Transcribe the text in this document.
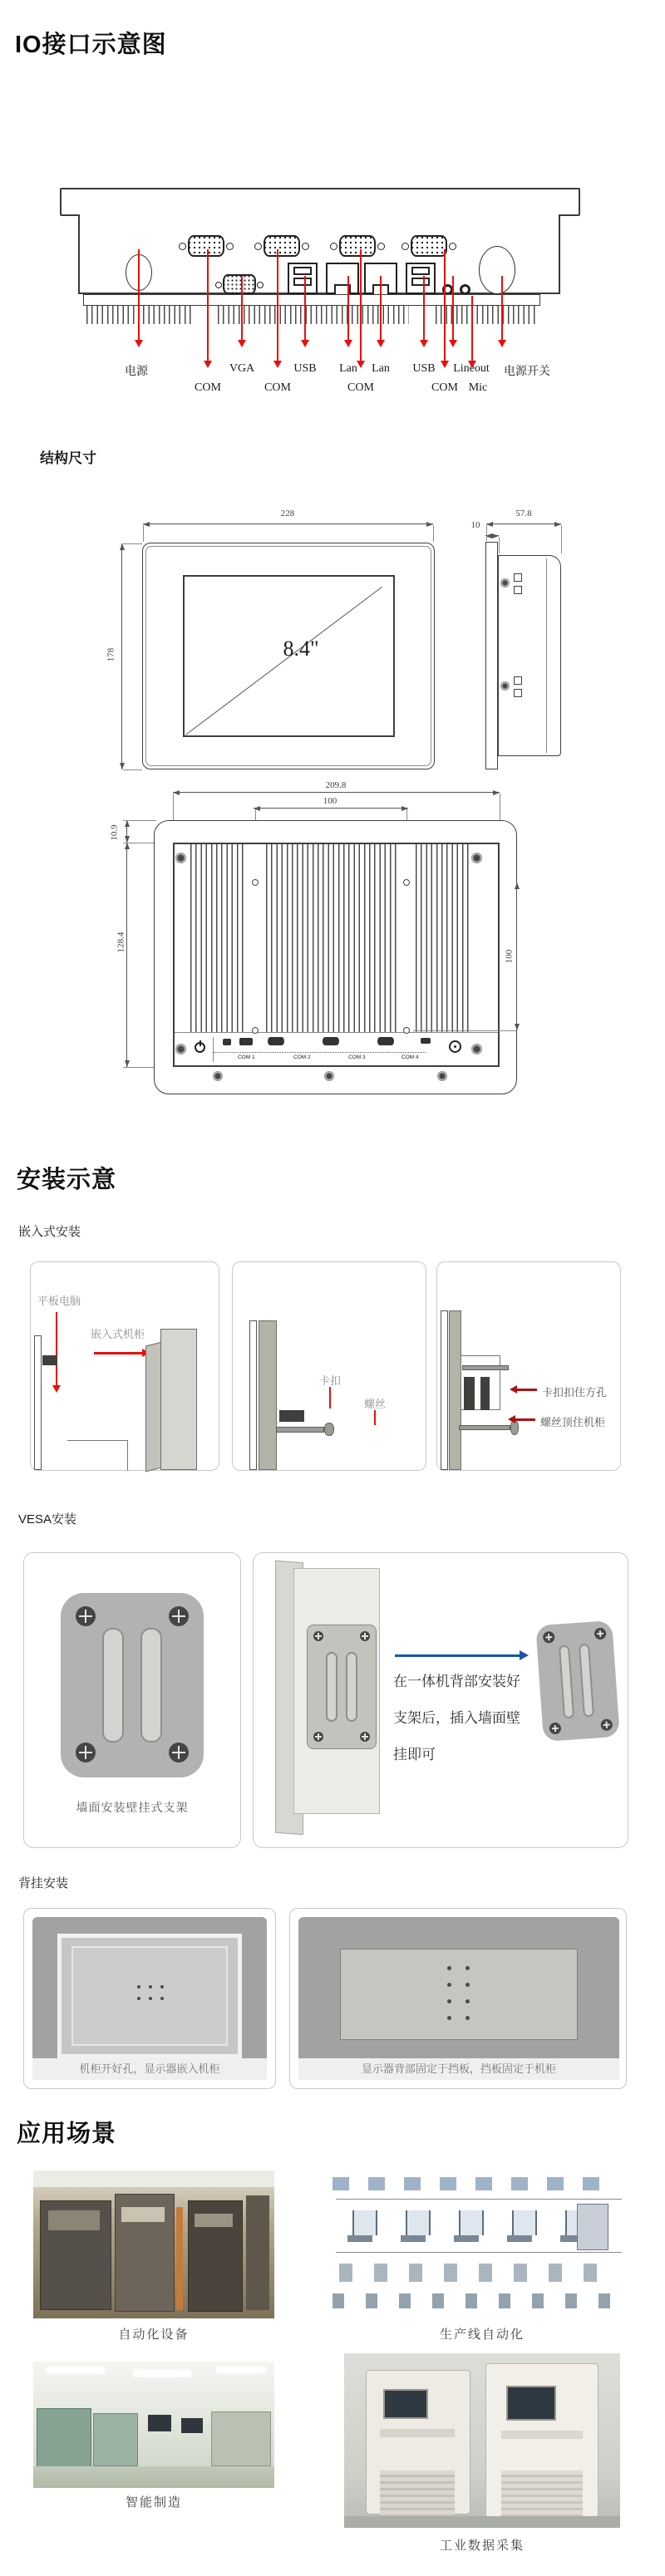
IO接口示意图
电源	VGA	USB Lan Lan USB Lineout 电源开关
COM	COM	COM	COM Mic
结构尺寸
228
178	8.4"
57.8
10
209.8
100
10.9
128.4
100
COM 1	COM 2	COM 3	COM 4
安装示意
嵌入式安装
平板电脑
嵌入式机柜
卡扣
螺丝
卡扣扣住方孔
螺丝顶住机柜
VESA安装
墙面安装壁挂式支架
在一体机背部安装好
支架后，插入墙面壁
挂即可
背挂安装
机柜开好孔，显示器嵌入机柜	显示器背部固定于挡板，挡板固定于机柜
应用场景
自动化设备	生产线自动化
智能制造
工业数据采集
